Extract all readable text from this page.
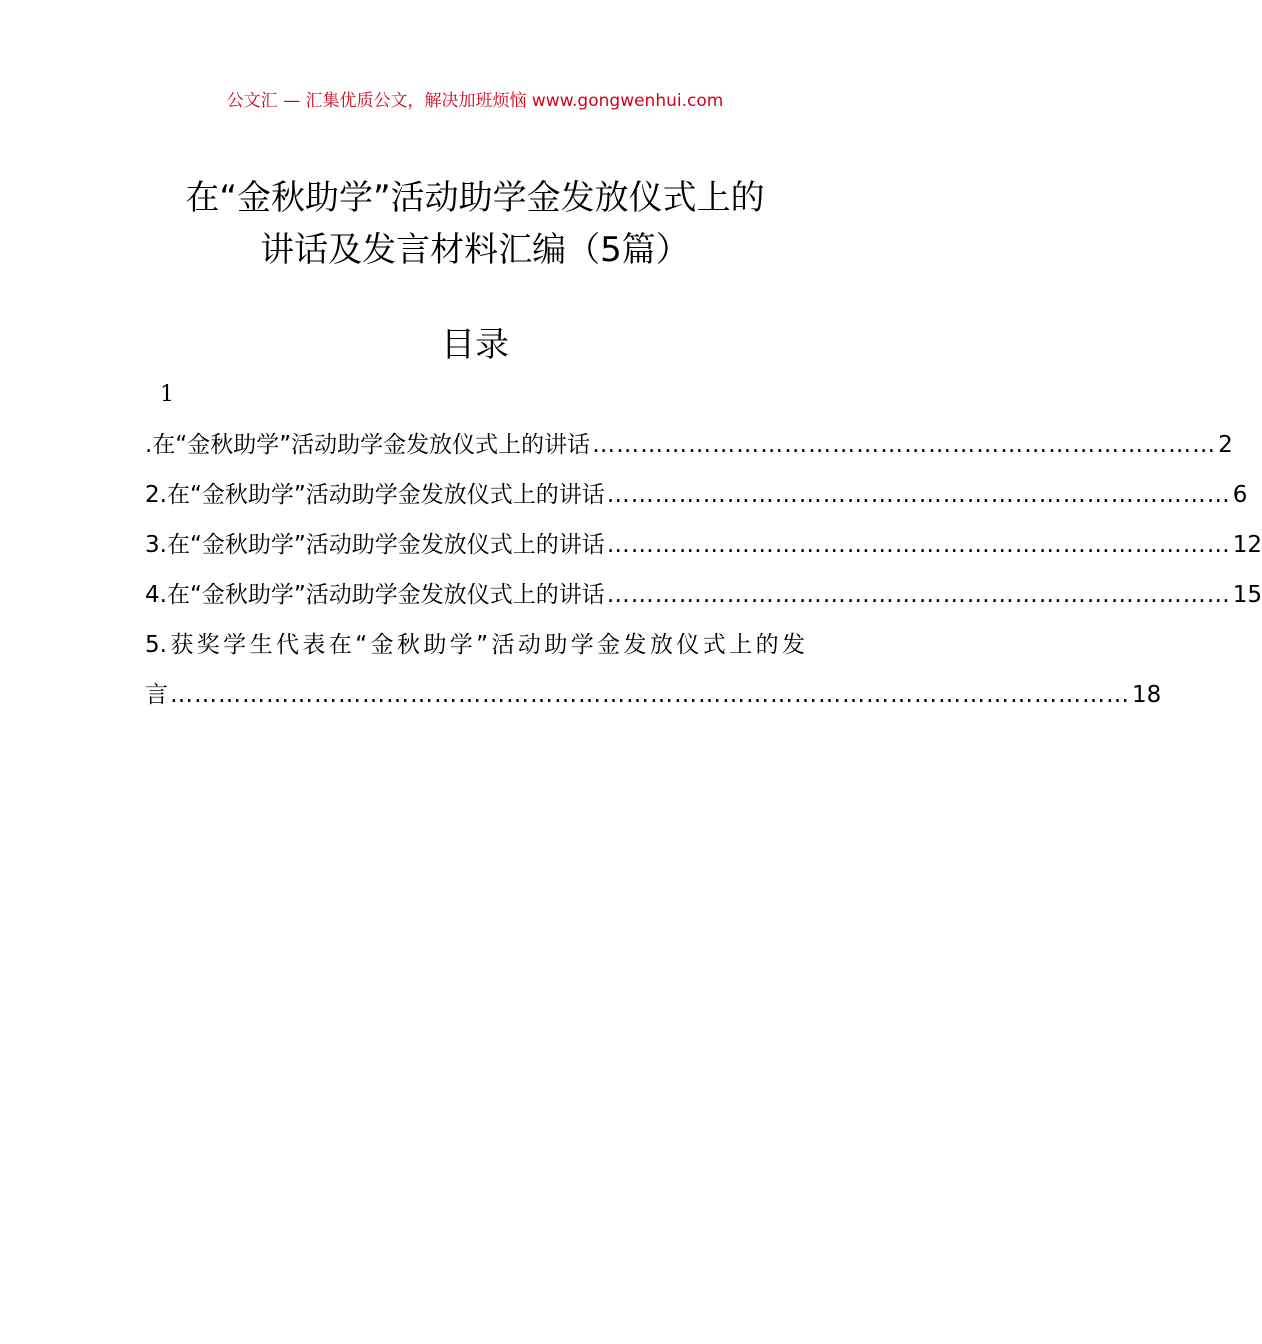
公文汇 — 汇集优质公文，解决加班烦恼 www.gongwenhui.com
在“金秋助学”活动助学金发放仪式上的
讲话及发言材料汇编（5篇）
目录
1
.在“金秋助学”活动助学金发放仪式上的讲话 …………………………………………………………………… 2
2.在“金秋助学”活动助学金发放仪式上的讲话 …………………………………………………………………… 6
3.在“金秋助学”活动助学金发放仪式上的讲话 …………………………………………………………………… 12
4.在“金秋助学”活动助学金发放仪式上的讲话 …………………………………………………………………… 15
5.获奖学生代表在“金秋助学”活动助学金发放仪式上的发
言 ………………………………………………………………………………………………………… 18
